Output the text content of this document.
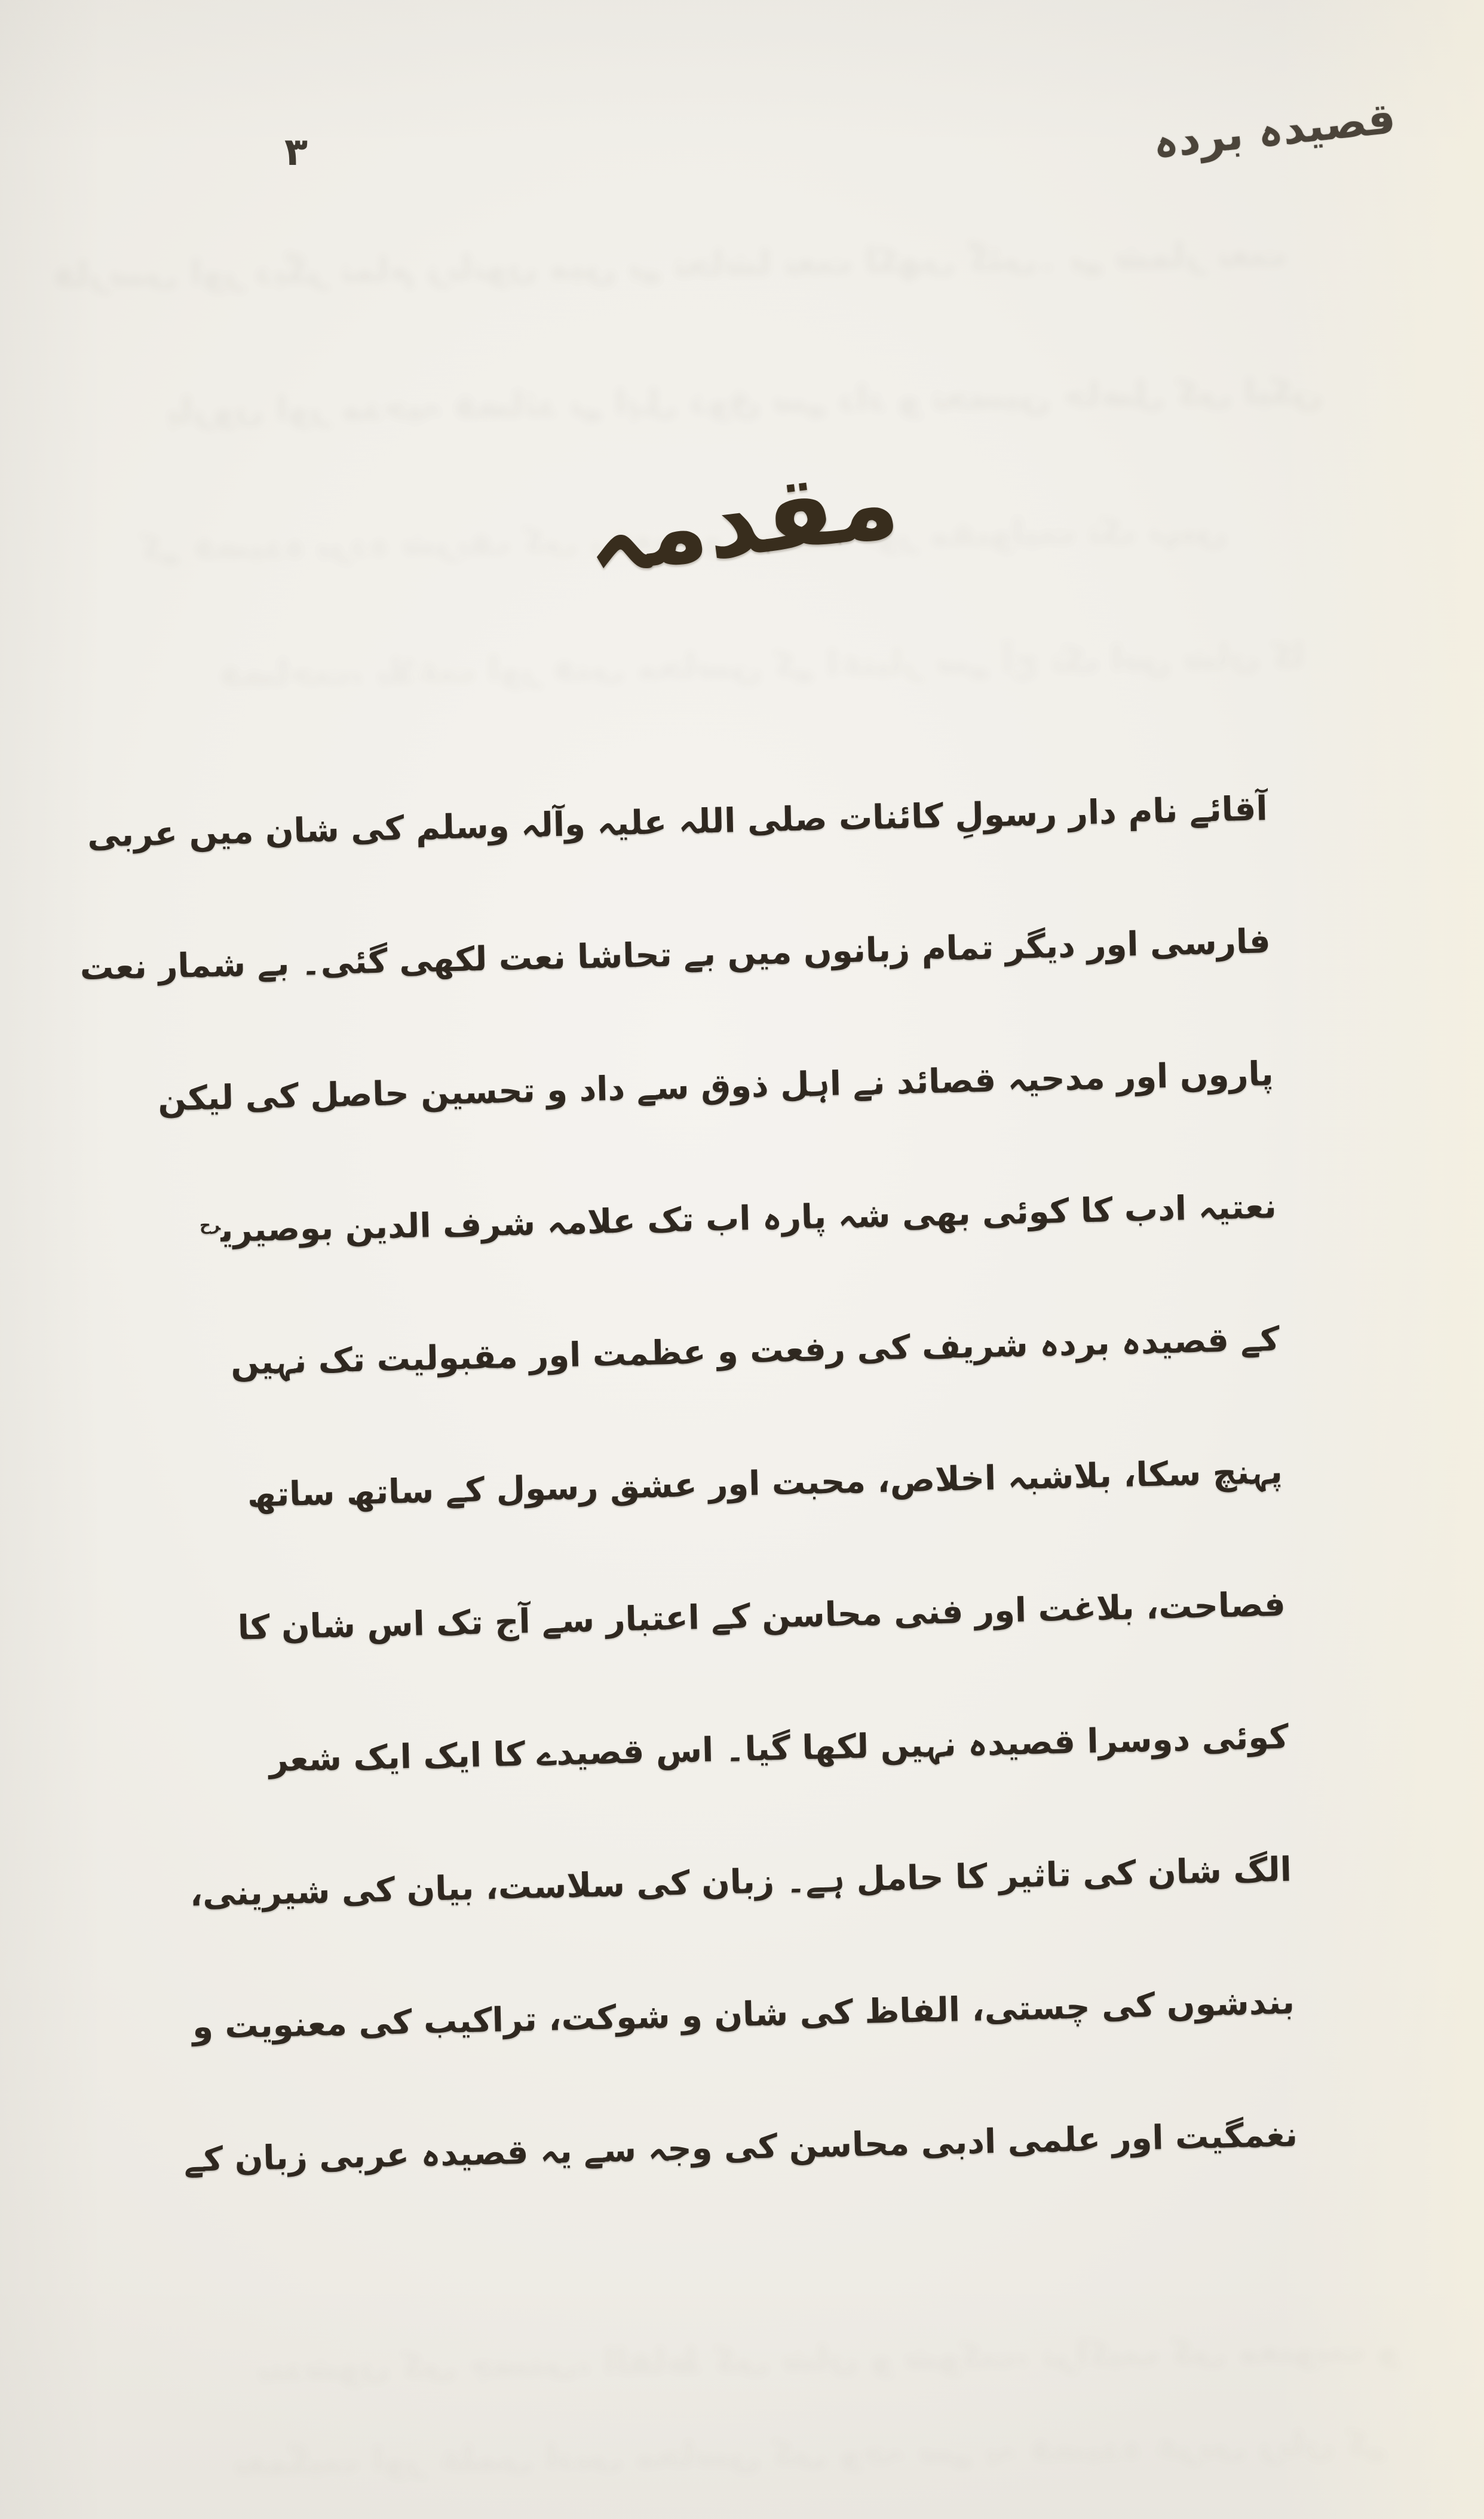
فارسی اور دیگر تمام زبانوں میں بے تحاشا نعت لکھی گئی۔ بے شمار نعت
پاروں اور مدحیہ قصائد نے اہل ذوق سے داد و تحسین حاصل کی لیکن
قصیدہ بردہ
۳
مقدمہ

آقائے نام دار رسولِ کائنات صلی اللہ علیہ وآلہ وسلم کی شان میں عربی

فارسی اور دیگر تمام زبانوں میں بے تحاشا نعت لکھی گئی۔ بے شمار نعت

پاروں اور مدحیہ قصائد نے اہل ذوق سے داد و تحسین حاصل کی لیکن

نعتیہ ادب کا کوئی بھی شہ پارہ اب تک علامہ شرف الدین بوصیری$^{رح}$

کے قصیدہ بردہ شریف کی رفعت و عظمت اور مقبولیت تک نہیں

پہنچ سکا، بلاشبہ اخلاص، محبت اور عشق رسول کے ساتھ ساتھ

فصاحت، بلاغت اور فنی محاسن کے اعتبار سے آج تک اس شان کا

کوئی دوسرا قصیدہ نہیں لکھا گیا۔ اس قصیدے کا ایک ایک شعر

الگ شان کی تاثیر کا حامل ہے۔ زبان کی سلاست، بیان کی شیرینی،

بندشوں کی چستی، الفاظ کی شان و شوکت، تراکیب کی معنویت و

نغمگیت اور علمی ادبی محاسن کی وجہ سے یہ قصیدہ عربی زبان کے
